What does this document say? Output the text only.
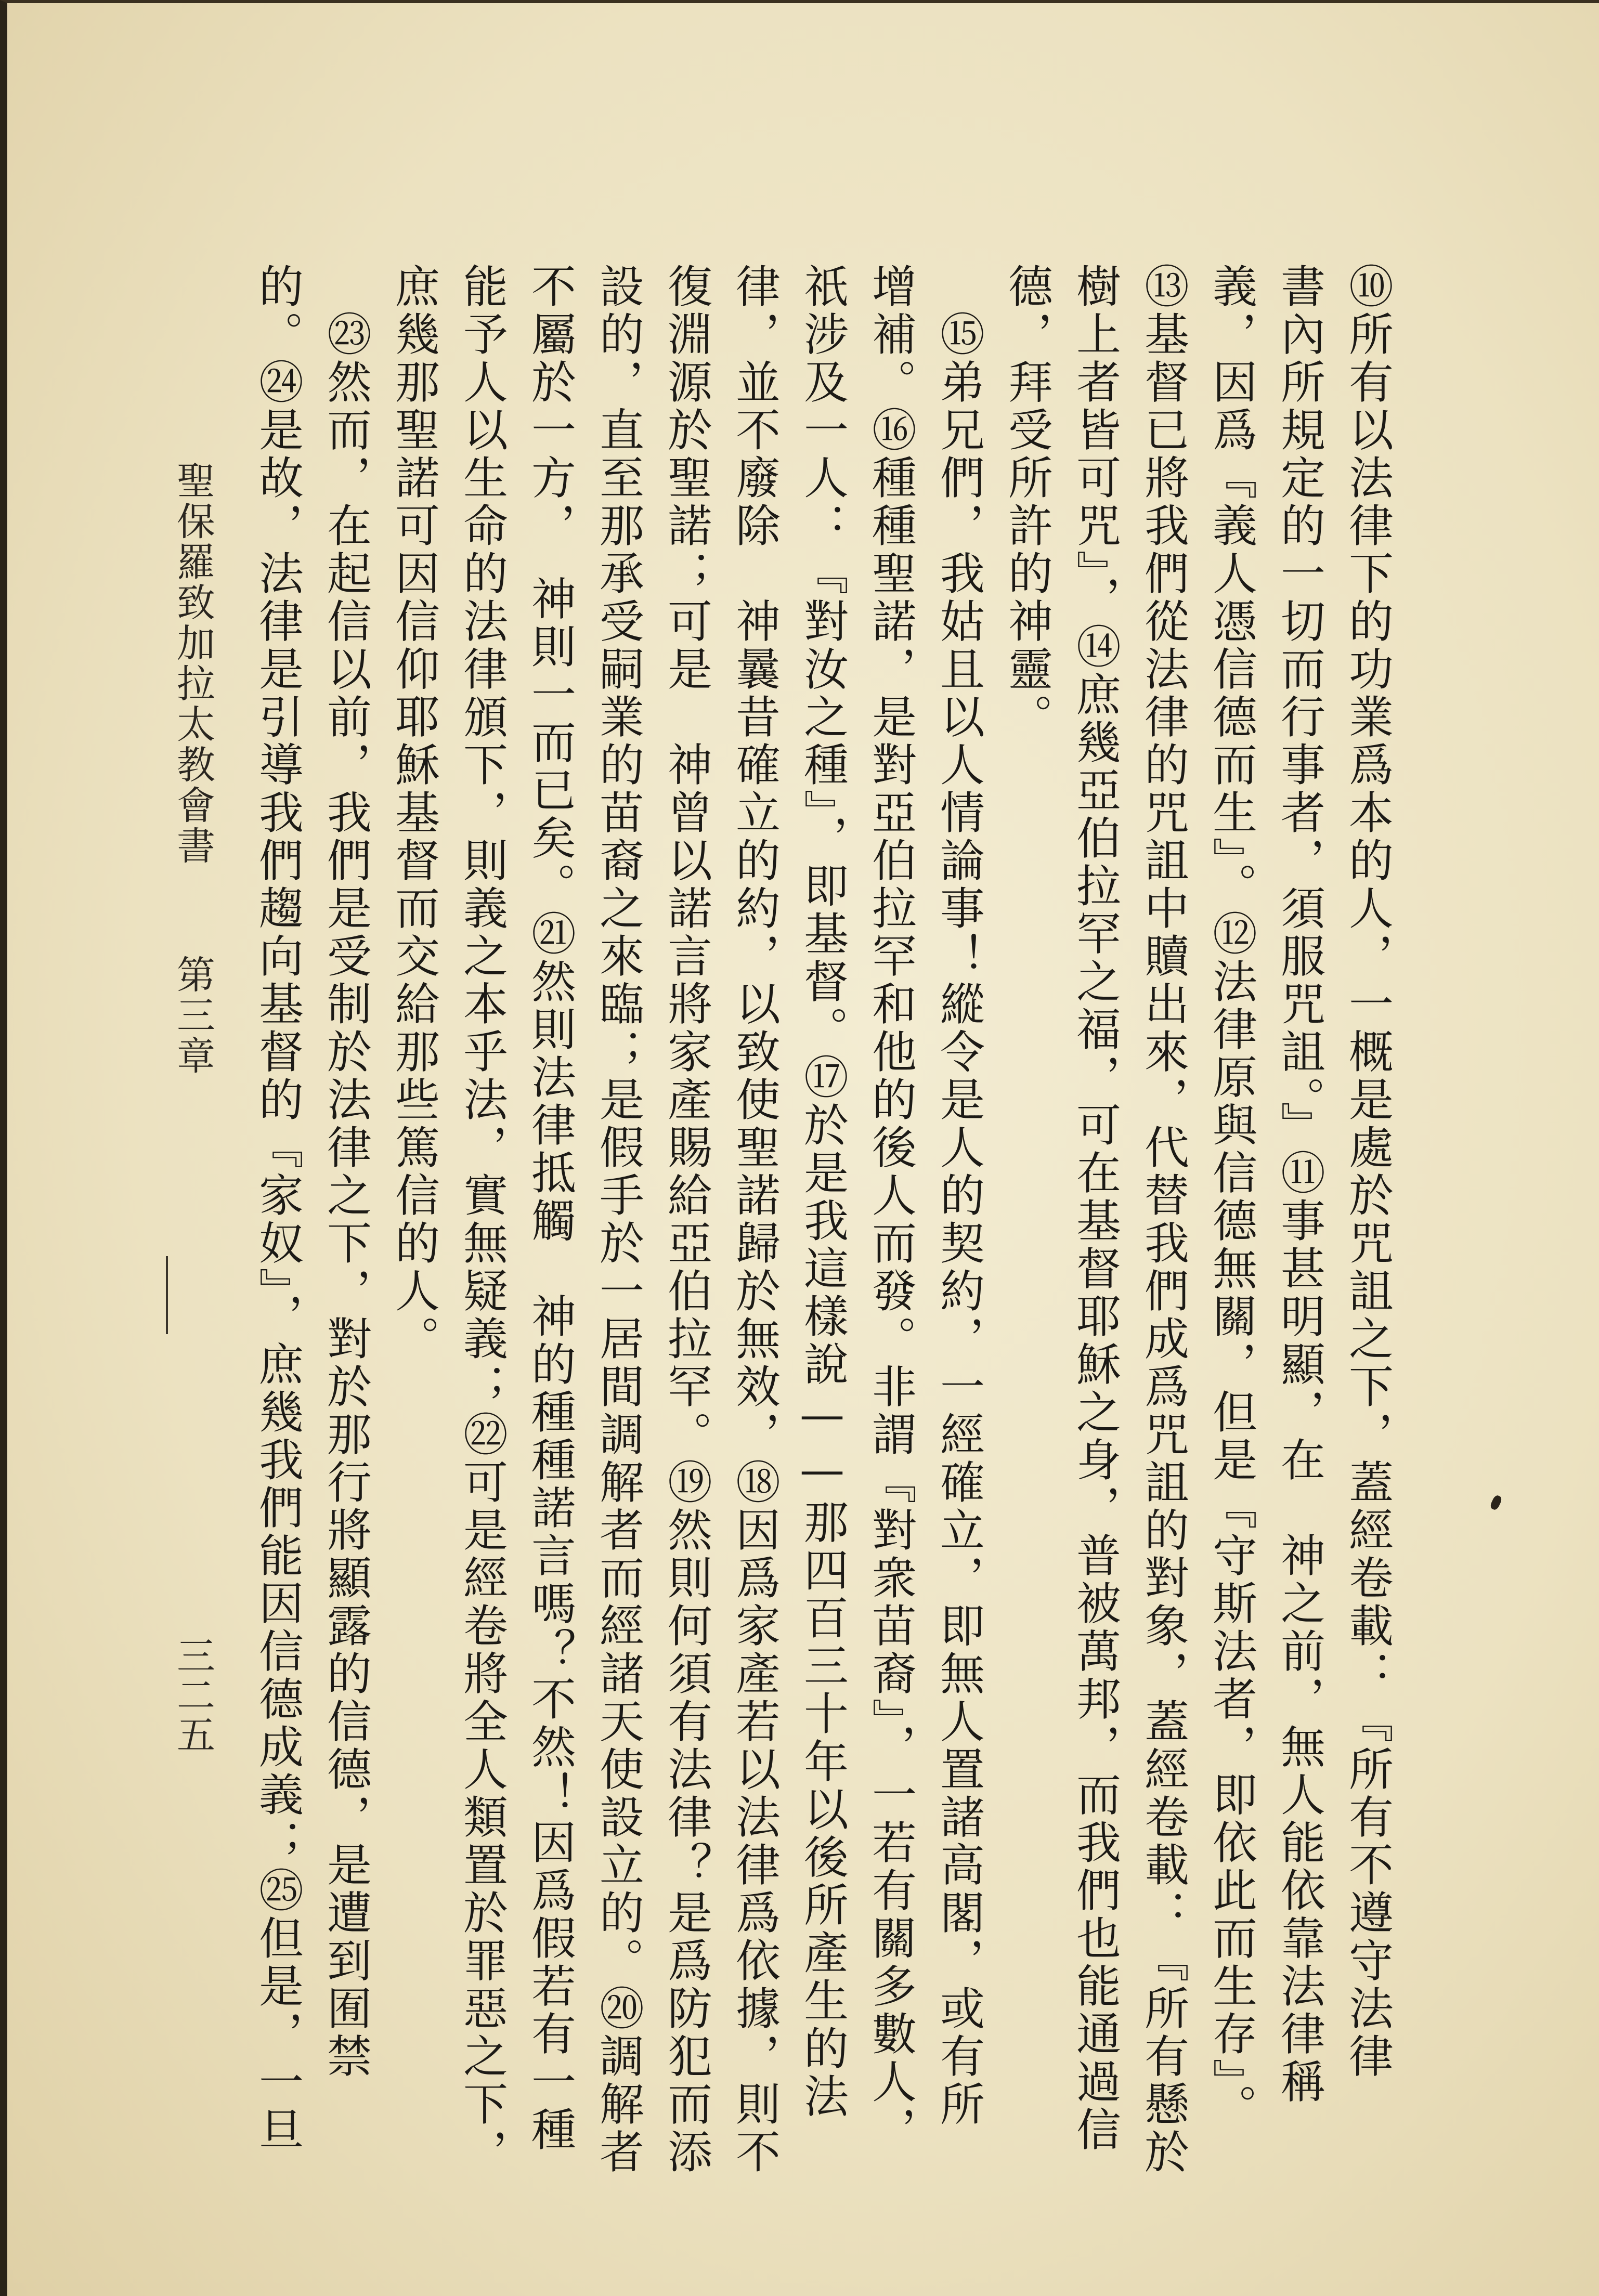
⑩所有以法律下的功業爲本的人，一概是處於咒詛之下，蓋經卷載：『所有不遵守法律
書內所規定的一切而行事者，須服咒詛。』⑪事甚明顯，在　神之前，無人能依靠法律稱
義，因爲『義人憑信德而生』。⑫法律原與信德無關，但是『守斯法者，即依此而生存』。
⑬基督已將我們從法律的咒詛中贖出來，代替我們成爲咒詛的對象，蓋經卷載：『所有懸於
樹上者皆可咒』，⑭庶幾亞伯拉罕之福，可在基督耶穌之身，普被萬邦，而我們也能通過信
德，拜受所許的神靈。
　⑮弟兄們，我姑且以人情論事！縱令是人的契約，一經確立，即無人置諸高閣，或有所
增補。⑯種種聖諾，是對亞伯拉罕和他的後人而發。非謂『對衆苗裔』，一若有關多數人，
祇涉及一人：『對汝之種』，即基督。⑰於是我這樣說——那四百三十年以後所產生的法
律，並不廢除　神曩昔確立的約，以致使聖諾歸於無效，⑱因爲家產若以法律爲依據，則不
復淵源於聖諾；可是　神曾以諾言將家產賜給亞伯拉罕。⑲然則何須有法律？是爲防犯而添
設的，直至那承受嗣業的苗裔之來臨；是假手於一居間調解者而經諸天使設立的。⑳調解者
不屬於一方，　神則一而已矣。㉑然則法律抵觸　神的種種諾言嗎？不然！因爲假若有一種
能予人以生命的法律頒下，則義之本乎法，實無疑義；㉒可是經卷將全人類置於罪惡之下，
庶幾那聖諾可因信仰耶穌基督而交給那些篤信的人。
　㉓然而，在起信以前，我們是受制於法律之下，對於那行將顯露的信德，是遭到囿禁
的。㉔是故，法律是引導我們趨向基督的『家奴』，庶幾我們能因信德成義；㉕但是，一旦
聖保羅致加拉太教會書
第三章
三二五
